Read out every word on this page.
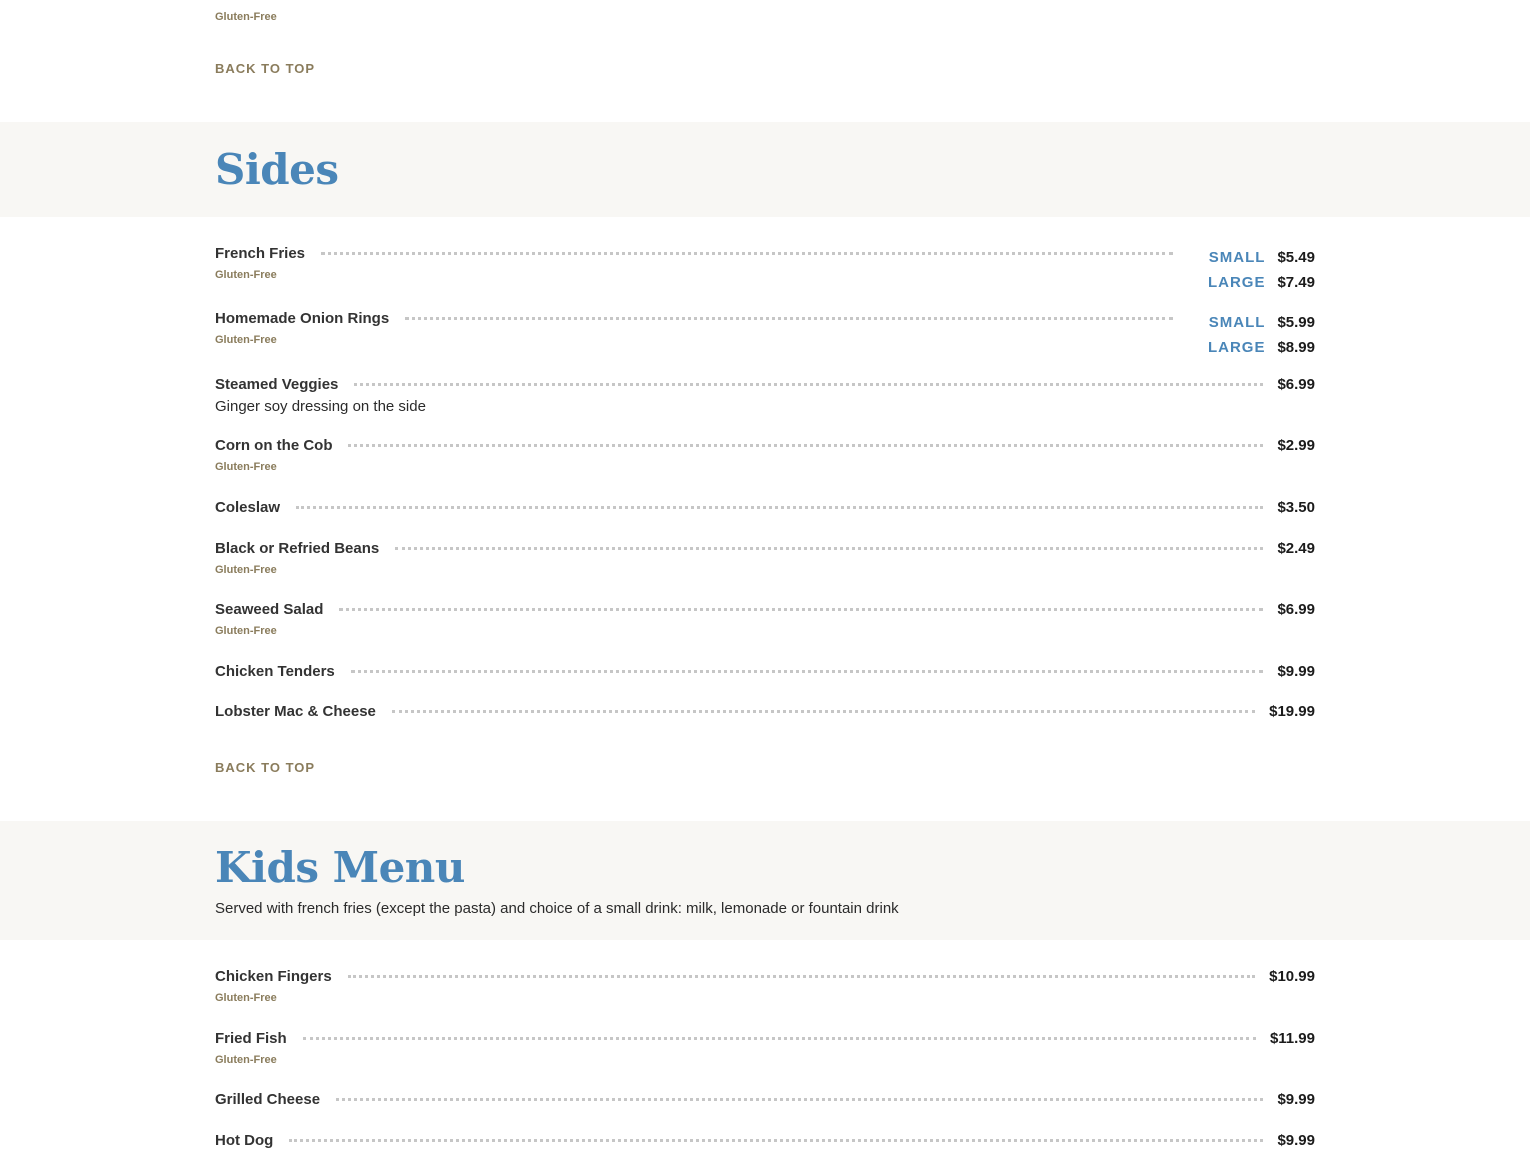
Gluten-Free
BACK TO TOP
Sides
French Fries
Gluten-Free
SMALL $5.49
LARGE $7.49
Homemade Onion Rings
Gluten-Free
SMALL $5.99
LARGE $8.99
Steamed Veggies	$6.99
Ginger soy dressing on the side
Corn on the Cob	$2.99
Gluten-Free
Coleslaw	$3.50
Black or Refried Beans	$2.49
Gluten-Free
Seaweed Salad	$6.99
Gluten-Free
Chicken Tenders	$9.99
Lobster Mac & Cheese	$19.99
BACK TO TOP
Kids Menu
Served with french fries (except the pasta) and choice of a small drink: milk, lemonade or fountain drink
Chicken Fingers	$10.99
Gluten-Free
Fried Fish	$11.99
Gluten-Free
Grilled Cheese	$9.99
Hot Dog	$9.99
